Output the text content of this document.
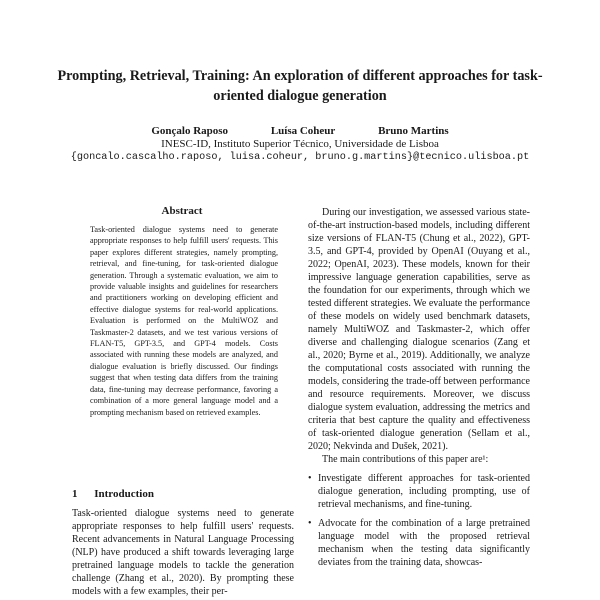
Prompting, Retrieval, Training: An exploration of different approaches for task-oriented dialogue generation
Gonçalo Raposo	Luísa Coheur	Bruno Martins
INESC-ID, Instituto Superior Técnico, Universidade de Lisboa
{goncalo.cascalho.raposo, luisa.coheur, bruno.g.martins}@tecnico.ulisboa.pt
Abstract

Task-oriented dialogue systems need to generate appropriate responses to help fulfill users' requests. This paper explores different strategies, namely prompting, retrieval, and fine-tuning, for task-oriented dialogue generation. Through a systematic evaluation, we aim to provide valuable insights and guidelines for researchers and practitioners working on developing efficient and effective dialogue systems for real-world applications. Evaluation is performed on the MultiWOZ and Taskmaster-2 datasets, and we test various versions of FLAN-T5, GPT-3.5, and GPT-4 models. Costs associated with running these models are analyzed, and dialogue evaluation is briefly discussed. Our findings suggest that when testing data differs from the training data, fine-tuning may decrease performance, favoring a combination of a more general language model and a prompting mechanism based on retrieved examples.

1 Introduction

Task-oriented dialogue systems need to generate appropriate responses to help fulfill users' requests. Recent advancements in Natural Language Processing (NLP) have produced a shift towards leveraging large pretrained language models to tackle the generation challenge (Zhang et al., 2020). By prompting these models with a few examples, their per-

During our investigation, we assessed various state-of-the-art instruction-based models, including different size versions of FLAN-T5 (Chung et al., 2022), GPT-3.5, and GPT-4, provided by OpenAI (Ouyang et al., 2022; OpenAI, 2023). These models, known for their impressive language generation capabilities, serve as the foundation for our experiments, through which we tested different strategies. We evaluate the performance of these models on widely used benchmark datasets, namely MultiWOZ and Taskmaster-2, which offer diverse and challenging dialogue scenarios (Zang et al., 2020; Byrne et al., 2019). Additionally, we analyze the computational costs associated with running the models, considering the trade-off between performance and resource requirements. Moreover, we discuss dialogue system evaluation, addressing the metrics and criteria that best capture the quality and effectiveness of task-oriented dialogue generation (Sellam et al., 2020; Nekvinda and Dušek, 2021).

The main contributions of this paper are¹:

• Investigate different approaches for task-oriented dialogue generation, including prompting, use of retrieval mechanisms, and fine-tuning.
• Advocate for the combination of a large pretrained language model with the proposed retrieval mechanism when the testing data significantly deviates from the training data, showcas-
